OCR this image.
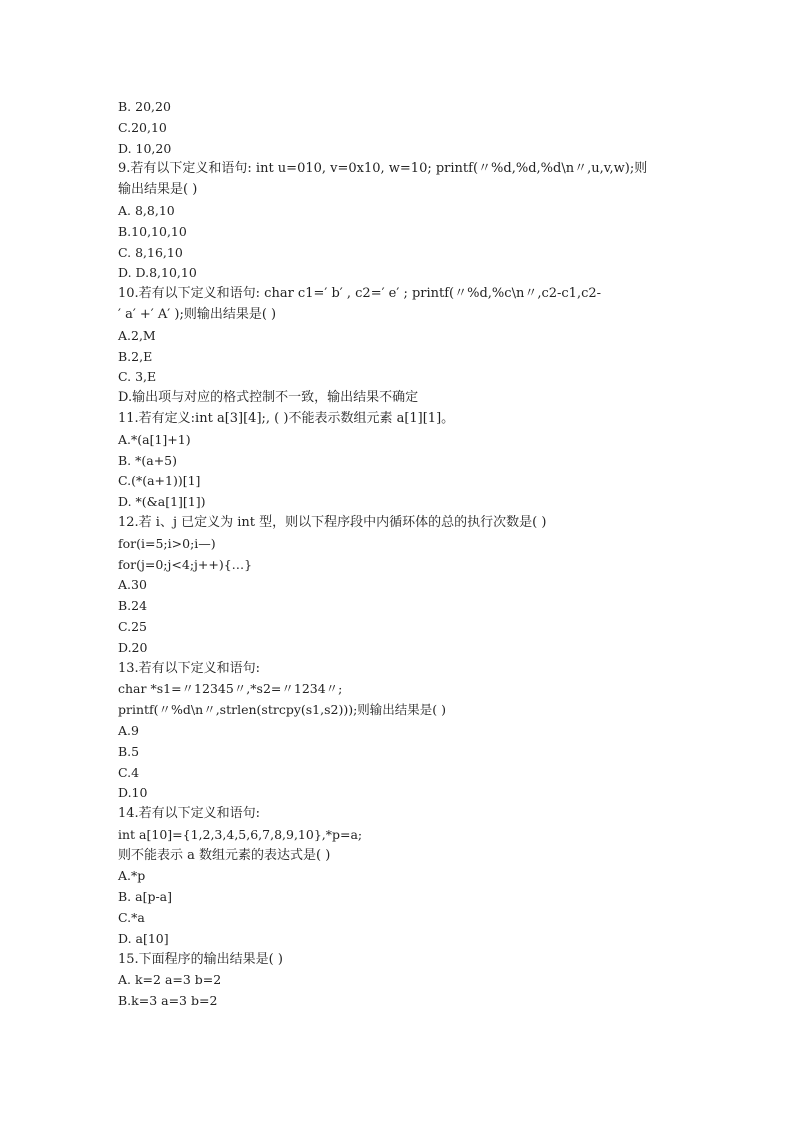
B. 20,20
C.20,10
D. 10,20
9.若有以下定义和语句: int u=010, v=0x10, w=10; printf(〃%d,%d,%d\n〃,u,v,w);则
输出结果是( )
A. 8,8,10
B.10,10,10
C. 8,16,10
D. D.8,10,10
10.若有以下定义和语句: char c1=′ b′ , c2=′ e′ ; printf(〃%d,%c\n〃,c2-c1,c2-
′ a′ +′ A′ );则输出结果是( )
A.2,M
B.2,E
C. 3,E
D.输出项与对应的格式控制不一致，输出结果不确定
11.若有定义:int a[3][4];, ( )不能表示数组元素 a[1][1]。
A.*(a[1]+1)
B. *(a+5)
C.(*(a+1))[1]
D. *(&a[1][1])
12.若 i、j 已定义为 int 型，则以下程序段中内循环体的总的执行次数是( )
for(i=5;i>0;i—)
for(j=0;j<4;j++){…}
A.30
B.24
C.25
D.20
13.若有以下定义和语句:
char *s1=〃12345〃,*s2=〃1234〃;
printf(〃%d\n〃,strlen(strcpy(s1,s2)));则输出结果是( )
A.9
B.5
C.4
D.10
14.若有以下定义和语句:
int a[10]={1,2,3,4,5,6,7,8,9,10},*p=a;
则不能表示 a 数组元素的表达式是( )
A.*p
B. a[p-a]
C.*a
D. a[10]
15.下面程序的输出结果是( )
A. k=2 a=3 b=2
B.k=3 a=3 b=2
